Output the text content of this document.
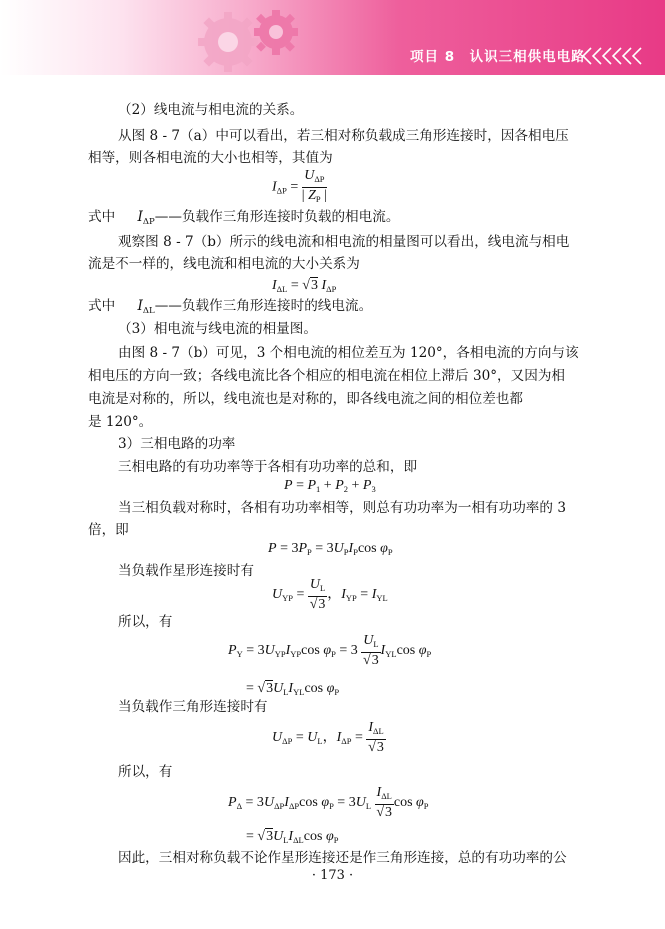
项目 8　认识三相供电电路
（2）线电流与相电流的关系。
从图 8 - 7（a）中可以看出，若三相对称负载成三角形连接时，因各相电压
相等，则各相电流的大小也相等，其值为
$I_{\Delta P} = \frac{U_{\Delta P}}{| Z_P |}$
式中 $I_{\Delta P}——$负载作三角形连接时负载的相电流。
观察图 8 - 7（b）所示的线电流和相电流的相量图可以看出，线电流与相电
流是不一样的，线电流和相电流的大小关系为
$I_{\Delta L} = √3$ $I_{\Delta P}$
式中 $I_{\Delta L}——$负载作三角形连接时的线电流。
（3）相电流与线电流的相量图。
由图 8 - 7（b）可见，3 个相电流的相位差互为 120°，各相电流的方向与该
相电压的方向一致；各线电流比各个相应的相电流在相位上滞后 30°，又因为相
电流是对称的，所以，线电流也是对称的，即各线电流之间的相位差也都
是 120°。
3）三相电路的功率
三相电路的有功功率等于各相有功功率的总和，即
$P = P_1 + P_2 + P_3$
当三相负载对称时，各相有功功率相等，则总有功功率为一相有功功率的 3
倍，即
$P = 3P_P = 3U_PI_P\cos$ $\varphi_P$
当负载作星形连接时有
$U_{YP} = \frac{U_L}{√3}$ ，$I_{YP} = I_{YL}$
所以，有
$P_Y = 3U_{YP}I_{YP}\cos$ $\varphi_P = 3 \frac{U_L}{√3} I_{YL}\cos$ $\varphi_P$
= $√3U_LI_{YL}\cos$ $\varphi_P$
当负载作三角形连接时有
$U_{\Delta P} = U_L$，$I_{\Delta P} = \frac{I_{\Delta L}}{√3}$
所以，有
$P_\Delta = 3U_{\Delta P}I_{\Delta P}\cos$ $\varphi_P = 3U_L \frac{I_{\Delta L}}{√3}$ $\cos \varphi_P$
= $√3U_LI_{\Delta L}\cos$ $\varphi_P$
因此，三相对称负载不论作星形连接还是作三角形连接，总的有功功率的公
· 173 ·
